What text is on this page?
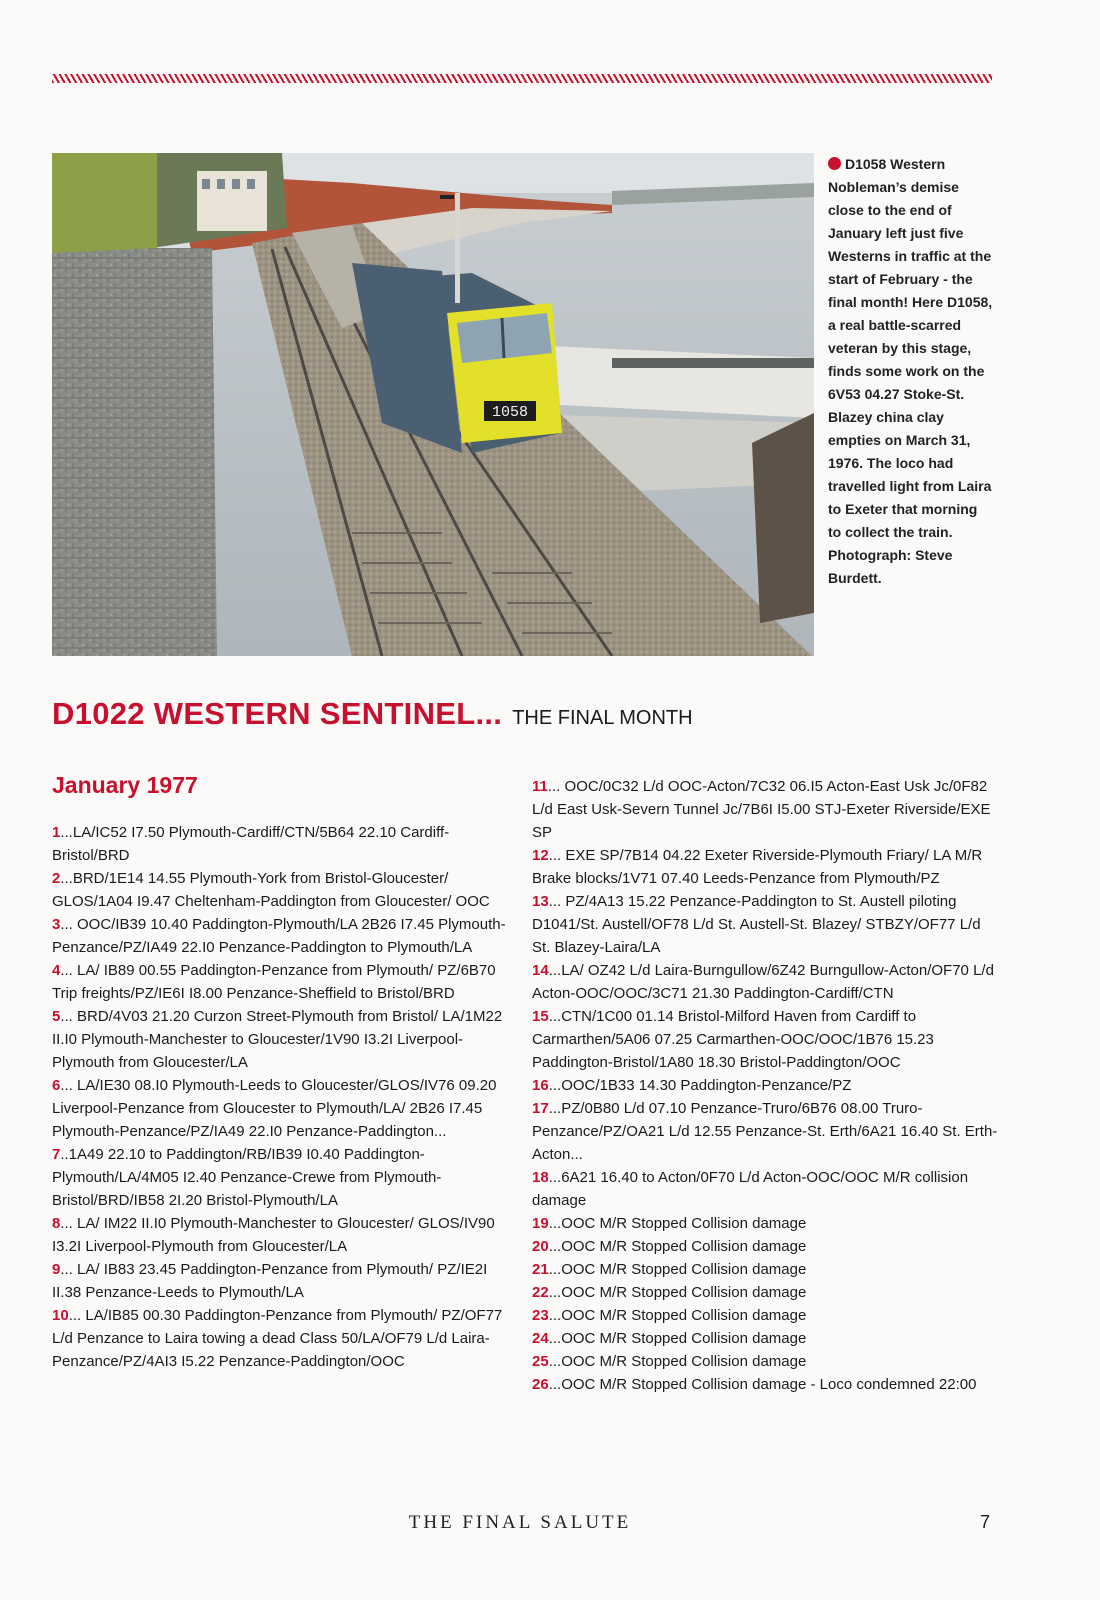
1058
D1058 Western Nobleman’s demise close to the end of January left just five Westerns in traffic at the start of February - the final month! Here D1058, a real battle-scarred veteran by this stage, finds some work on the 6V53 04.27 Stoke-St. Blazey china clay empties on March 31, 1976. The loco had travelled light from Laira to Exeter that morning to collect the train. Photograph: Steve Burdett.
D1022 WESTERN SENTINEL... THE FINAL MONTH
January 1977

1...LA/IC52 I7.50 Plymouth-Cardiff/CTN/5B64 22.10 Cardiff-Bristol/BRD

2...BRD/1E14 14.55 Plymouth-York from Bristol-Gloucester/ GLOS/1A04 I9.47 Cheltenham-Paddington from Gloucester/ OOC

3... OOC/IB39 10.40 Paddington-Plymouth/LA 2B26 I7.45 Plymouth-Penzance/PZ/IA49 22.I0 Penzance-Paddington to Plymouth/LA

4... LA/ IB89 00.55 Paddington-Penzance from Plymouth/ PZ/6B70 Trip freights/PZ/IE6I I8.00 Penzance-Sheffield to Bristol/BRD

5... BRD/4V03 21.20 Curzon Street-Plymouth from Bristol/ LA/1M22 II.I0 Plymouth-Manchester to Gloucester/1V90 I3.2I Liverpool-Plymouth from Gloucester/LA

6... LA/IE30 08.I0 Plymouth-Leeds to Gloucester/GLOS/IV76 09.20 Liverpool-Penzance from Gloucester to Plymouth/LA/ 2B26 I7.45 Plymouth-Penzance/PZ/IA49 22.I0 Penzance-Paddington...

7..1A49 22.10 to Paddington/RB/IB39 I0.40 Paddington-Plymouth/LA/4M05 I2.40 Penzance-Crewe from Plymouth-Bristol/BRD/IB58 2I.20 Bristol-Plymouth/LA

8... LA/ IM22 II.I0 Plymouth-Manchester to Gloucester/ GLOS/IV90 I3.2I Liverpool-Plymouth from Gloucester/LA

9... LA/ IB83 23.45 Paddington-Penzance from Plymouth/ PZ/IE2I II.38 Penzance-Leeds to Plymouth/LA

10... LA/IB85 00.30 Paddington-Penzance from Plymouth/ PZ/OF77 L/d Penzance to Laira towing a dead Class 50/LA/OF79 L/d Laira-Penzance/PZ/4AI3 I5.22 Penzance-Paddington/OOC

11... OOC/0C32 L/d OOC-Acton/7C32 06.I5 Acton-East Usk Jc/0F82 L/d East Usk-Severn Tunnel Jc/7B6I I5.00 STJ-Exeter Riverside/EXE SP

12... EXE SP/7B14 04.22 Exeter Riverside-Plymouth Friary/ LA M/R Brake blocks/1V71 07.40 Leeds-Penzance from Plymouth/PZ

13... PZ/4A13 15.22 Penzance-Paddington to St. Austell piloting D1041/St. Austell/OF78 L/d St. Austell-St. Blazey/ STBZY/OF77 L/d St. Blazey-Laira/LA

14...LA/ OZ42 L/d Laira-Burngullow/6Z42 Burngullow-Acton/OF70 L/d Acton-OOC/OOC/3C71 21.30 Paddington-Cardiff/CTN

15...CTN/1C00 01.14 Bristol-Milford Haven from Cardiff to Carmarthen/5A06 07.25 Carmarthen-OOC/OOC/1B76 15.23 Paddington-Bristol/1A80 18.30 Bristol-Paddington/OOC

16...OOC/1B33 14.30 Paddington-Penzance/PZ

17...PZ/0B80 L/d 07.10 Penzance-Truro/6B76 08.00 Truro-Penzance/PZ/OA21 L/d 12.55 Penzance-St. Erth/6A21 16.40 St. Erth-Acton...

18...6A21 16.40 to Acton/0F70 L/d Acton-OOC/OOC M/R collision damage

19...OOC M/R Stopped Collision damage

20...OOC M/R Stopped Collision damage

21...OOC M/R Stopped Collision damage

22...OOC M/R Stopped Collision damage

23...OOC M/R Stopped Collision damage

24...OOC M/R Stopped Collision damage

25...OOC M/R Stopped Collision damage

26...OOC M/R Stopped Collision damage - Loco condemned 22:00

THE FINAL SALUTE	7
